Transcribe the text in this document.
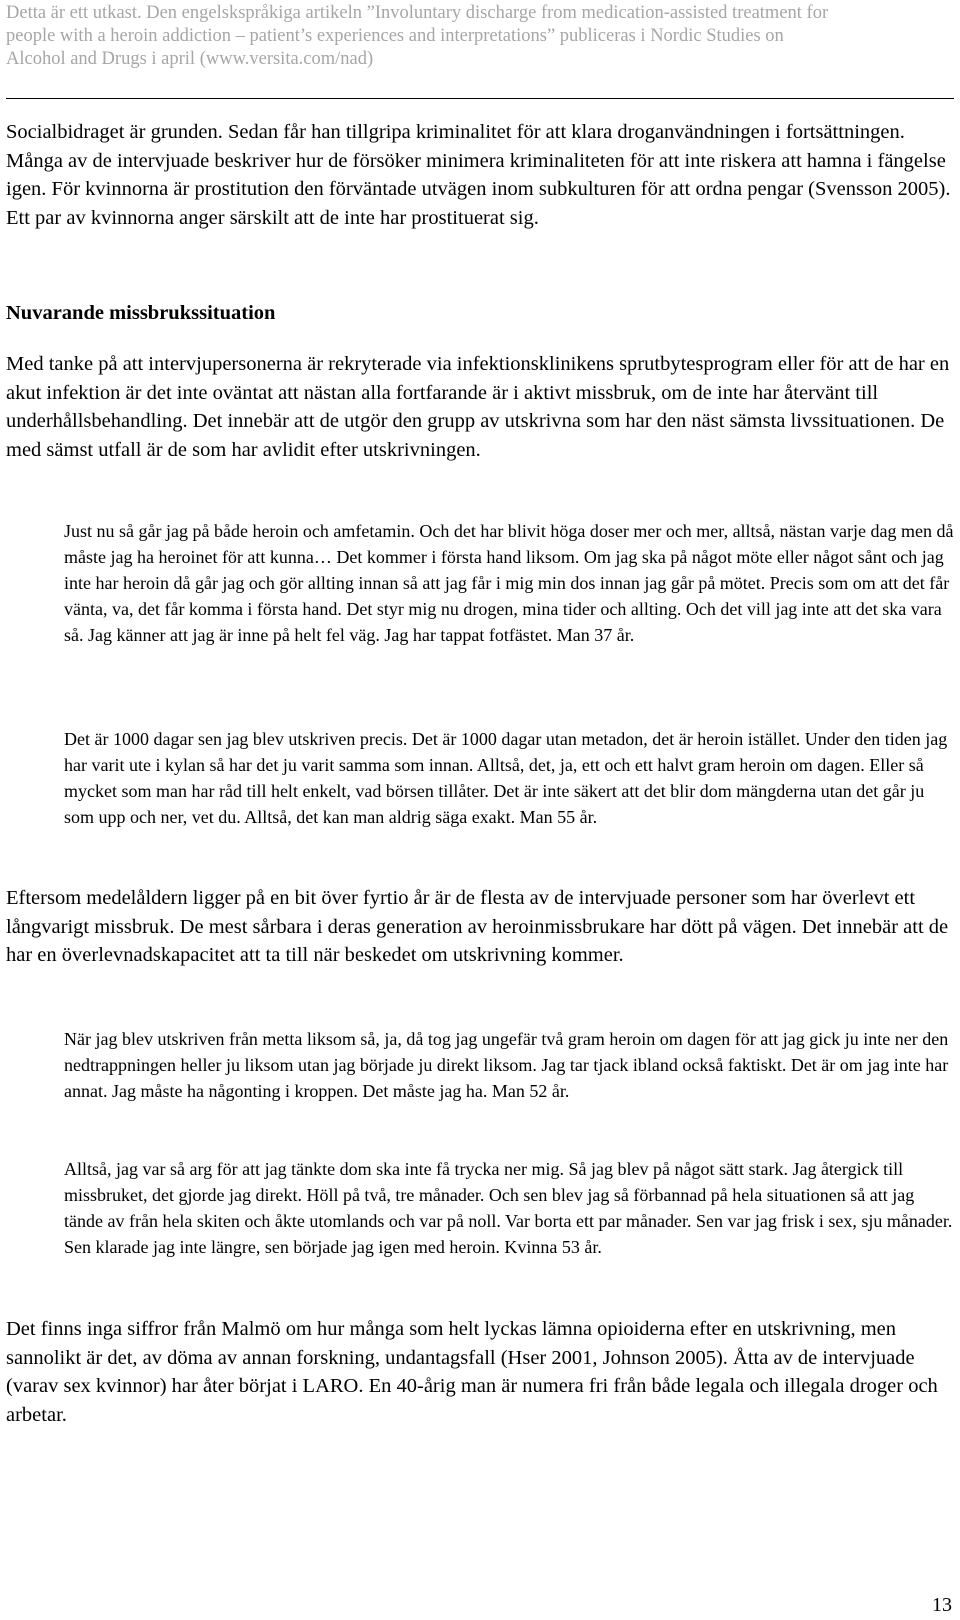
Detta är ett utkast. Den engelskspråkiga artikeln ”Involuntary discharge from medication-assisted treatment for
people with a heroin addiction – patient’s experiences and interpretations” publiceras i Nordic Studies on
Alcohol and Drugs i april (www.versita.com/nad)

Socialbidraget är grunden. Sedan får han tillgripa kriminalitet för att klara droganvändningen i fortsättningen. Många av de intervjuade beskriver hur de försöker minimera kriminaliteten för att inte riskera att hamna i fängelse igen. För kvinnorna är prostitution den förväntade utvägen inom subkulturen för att ordna pengar (Svensson 2005). Ett par av kvinnorna anger särskilt att de inte har prostituerat sig.

Nuvarande missbrukssituation

Med tanke på att intervjupersonerna är rekryterade via infektionsklinikens sprutbytesprogram eller för att de har en akut infektion är det inte oväntat att nästan alla fortfarande är i aktivt missbruk, om de inte har återvänt till underhållsbehandling. Det innebär att de utgör den grupp av utskrivna som har den näst sämsta livssituationen. De med sämst utfall är de som har avlidit efter utskrivningen.

Just nu så går jag på både heroin och amfetamin. Och det har blivit höga doser mer och mer, alltså, nästan varje dag men då måste jag ha heroinet för att kunna… Det kommer i första hand liksom. Om jag ska på något möte eller något sånt och jag inte har heroin då går jag och gör allting innan så att jag får i mig min dos innan jag går på mötet. Precis som om att det får vänta, va, det får komma i första hand. Det styr mig nu drogen, mina tider och allting. Och det vill jag inte att det ska vara så. Jag känner att jag är inne på helt fel väg. Jag har tappat fotfästet. Man 37 år.

Det är 1000 dagar sen jag blev utskriven precis. Det är 1000 dagar utan metadon, det är heroin istället. Under den tiden jag har varit ute i kylan så har det ju varit samma som innan. Alltså, det, ja, ett och ett halvt gram heroin om dagen. Eller så mycket som man har råd till helt enkelt, vad börsen tillåter. Det är inte säkert att det blir dom mängderna utan det går ju som upp och ner, vet du. Alltså, det kan man aldrig säga exakt. Man 55 år.

Eftersom medelåldern ligger på en bit över fyrtio år är de flesta av de intervjuade personer som har överlevt ett långvarigt missbruk. De mest sårbara i deras generation av heroinmissbrukare har dött på vägen. Det innebär att de har en överlevnadskapacitet att ta till när beskedet om utskrivning kommer.

När jag blev utskriven från metta liksom så, ja, då tog jag ungefär två gram heroin om dagen för att jag gick ju inte ner den nedtrappningen heller ju liksom utan jag började ju direkt liksom. Jag tar tjack ibland också faktiskt. Det är om jag inte har annat. Jag måste ha någonting i kroppen. Det måste jag ha. Man 52 år.

Alltså, jag var så arg för att jag tänkte dom ska inte få trycka ner mig. Så jag blev på något sätt stark. Jag återgick till missbruket, det gjorde jag direkt. Höll på två, tre månader. Och sen blev jag så förbannad på hela situationen så att jag tände av från hela skiten och åkte utomlands och var på noll. Var borta ett par månader. Sen var jag frisk i sex, sju månader. Sen klarade jag inte längre, sen började jag igen med heroin. Kvinna 53 år.

Det finns inga siffror från Malmö om hur många som helt lyckas lämna opioiderna efter en utskrivning, men sannolikt är det, av döma av annan forskning, undantagsfall (Hser 2001, Johnson 2005). Åtta av de intervjuade (varav sex kvinnor) har åter börjat i LARO. En 40-årig man är numera fri från både legala och illegala droger och arbetar.

13
